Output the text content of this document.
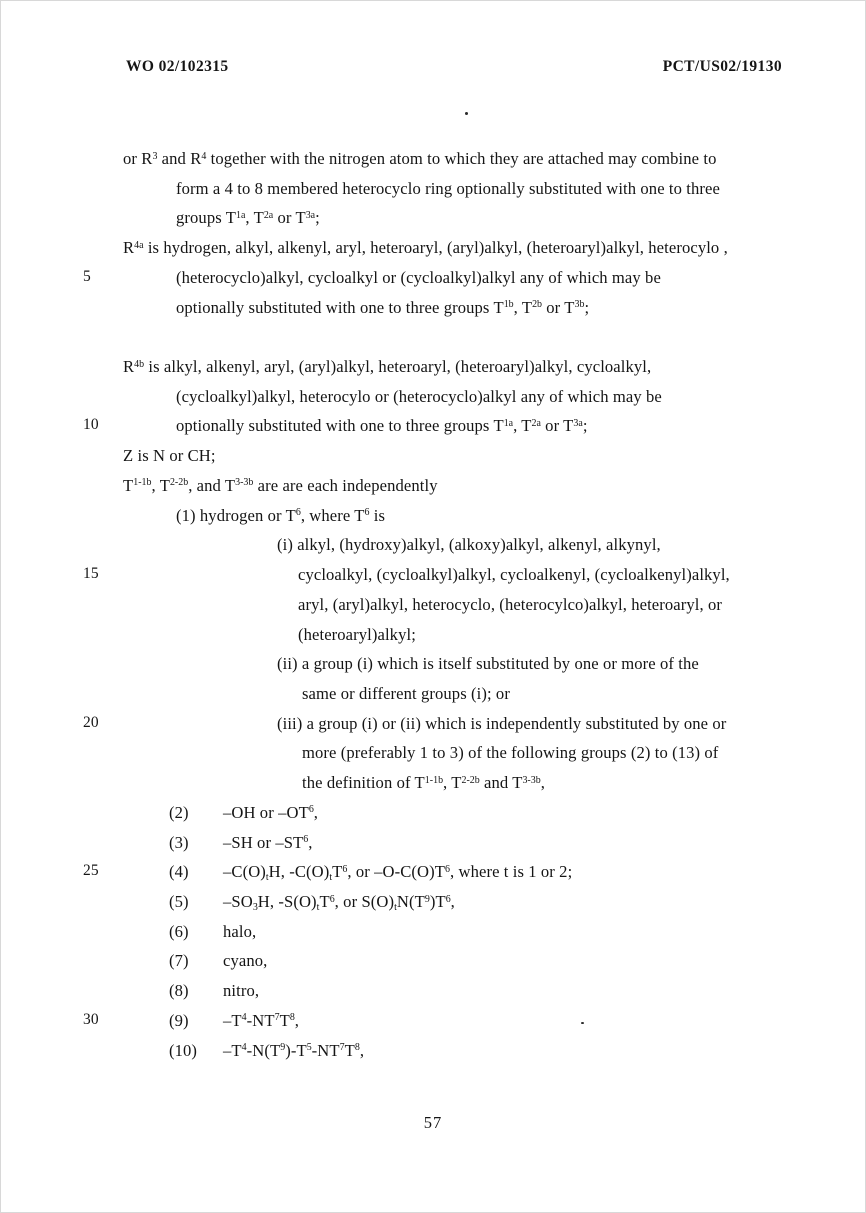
WO 02/102315	PCT/US02/19130
or $R^3$ and $R^4$ together with the nitrogen atom to which they are attached may combine to
form a 4 to 8 membered heterocyclo ring optionally substituted with one to three
groups $T^{1a}$, $T^{2a}$ or $T^{3a}$;
$R^{4a}$ is hydrogen, alkyl, alkenyl, aryl, heteroaryl, (aryl)alkyl, (heteroaryl)alkyl, heterocylo ,
5	(heterocyclo)alkyl, cycloalkyl or (cycloalkyl)alkyl any of which may be
optionally substituted with one to three groups $T^{1b}$, $T^{2b}$ or $T^{3b}$;
$R^{4b}$ is alkyl, alkenyl, aryl, (aryl)alkyl, heteroaryl, (heteroaryl)alkyl, cycloalkyl,
(cycloalkyl)alkyl, heterocylo or (heterocyclo)alkyl any of which may be
10	optionally substituted with one to three groups $T^{1a}$, $T^{2a}$ or $T^{3a}$;
Z is N or CH;
$T^{1-1b}$, $T^{2-2b}$, and $T^{3-3b}$ are are each independently
(1) hydrogen or $T^6$, where $T^6$ is
(i) alkyl, (hydroxy)alkyl, (alkoxy)alkyl, alkenyl, alkynyl,
15	cycloalkyl, (cycloalkyl)alkyl, cycloalkenyl, (cycloalkenyl)alkyl,
aryl, (aryl)alkyl, heterocyclo, (heterocylco)alkyl, heteroaryl, or
(heteroaryl)alkyl;
(ii) a group (i) which is itself substituted by one or more of the
same or different groups (i); or
20	(iii) a group (i) or (ii) which is independently substituted by one or
more (preferably 1 to 3) of the following groups (2) to (13) of
the definition of $T^{1-1b}$, $T^{2-2b}$ and $T^{3-3b}$,
(2) –OH or $-OT^6$,
(3) –SH or $-ST^6$,
25	(4) $-C(O)_tH$, $-C(O)_tT^6$, or $-O-C(O)T^6$, where t is 1 or 2;
(5) $-SO_3H$, $-S(O)_tT^6$, or $S(O)_tN(T^9)T^6$,
(6) halo,
(7) cyano,
(8) nitro,
30	(9) $-T^4-NT^7T^8$,
(10) $-T^4-N(T^9)-T^5-NT^7T^8$,
57
